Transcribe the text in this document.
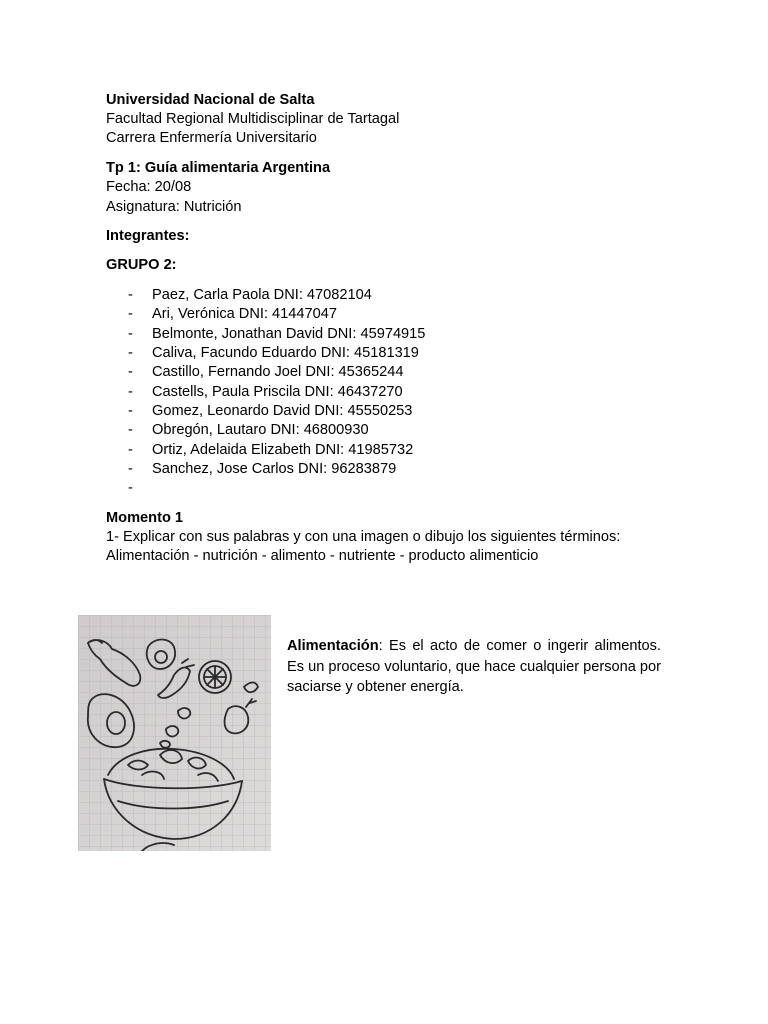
Universidad Nacional de Salta
Facultad Regional Multidisciplinar de Tartagal
Carrera Enfermería Universitario
Tp 1: Guía alimentaria Argentina
Fecha: 20/08
Asignatura: Nutrición
Integrantes:
GRUPO 2:
- Paez, Carla Paola DNI: 47082104
- Ari, Verónica DNI: 41447047
- Belmonte, Jonathan David DNI: 45974915
- Caliva, Facundo Eduardo DNI: 45181319
- Castillo, Fernando Joel DNI: 45365244
- Castells, Paula Priscila DNI: 46437270
- Gomez, Leonardo David DNI: 45550253
- Obregón, Lautaro DNI: 46800930
- Ortiz, Adelaida Elizabeth DNI: 41985732
- Sanchez, Jose Carlos DNI: 96283879
-
Momento 1
1- Explicar con sus palabras y con una imagen o dibujo los siguientes términos:
Alimentación - nutrición - alimento - nutriente - producto alimenticio
Alimentación: Es el acto de comer o ingerir alimentos. Es un proceso voluntario, que hace cualquier persona por saciarse y obtener energía.
